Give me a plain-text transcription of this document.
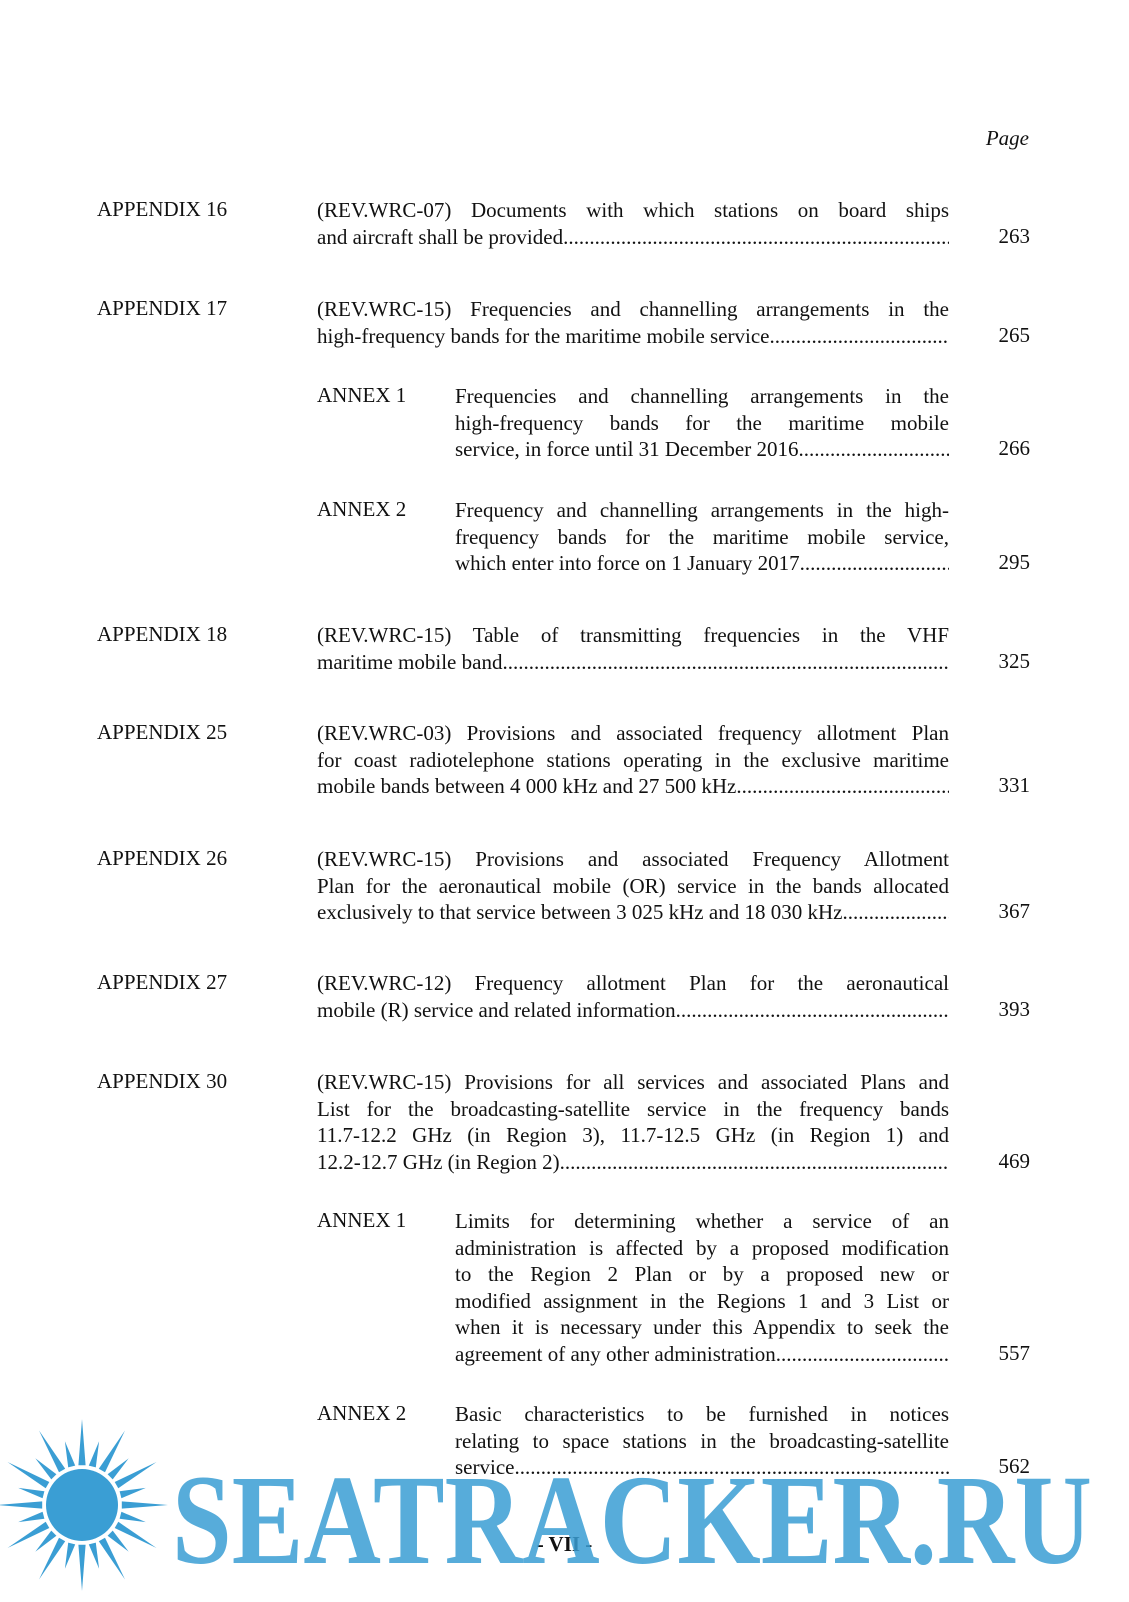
Page
APPENDIX 16	(REV.WRC-07) Documents with which stations on board ships
and aircraft shall be provided .....	263
APPENDIX 17	(REV.WRC-15) Frequencies and channelling arrangements in the
high-frequency bands for the maritime mobile service .....	265
ANNEX 1 Frequencies and channelling arrangements in the
high-frequency bands for the maritime mobile
service, in force until 31 December 2016 .....	266
ANNEX 2 Frequency and channelling arrangements in the high-
frequency bands for the maritime mobile service,
which enter into force on 1 January 2017 .....	295
APPENDIX 18	(REV.WRC-15) Table of transmitting frequencies in the VHF
maritime mobile band .....	325
APPENDIX 25	(REV.WRC-03) Provisions and associated frequency allotment Plan
for coast radiotelephone stations operating in the exclusive maritime
mobile bands between 4 000 kHz and 27 500 kHz .....	331
APPENDIX 26	(REV.WRC-15) Provisions and associated Frequency Allotment
Plan for the aeronautical mobile (OR) service in the bands allocated
exclusively to that service between 3 025 kHz and 18 030 kHz .....	367
APPENDIX 27	(REV.WRC-12) Frequency allotment Plan for the aeronautical
mobile (R) service and related information .....	393
APPENDIX 30	(REV.WRC-15) Provisions for all services and associated Plans and
List for the broadcasting-satellite service in the frequency bands
11.7-12.2 GHz (in Region 3), 11.7-12.5 GHz (in Region 1) and
12.2-12.7 GHz (in Region 2) .....	469
ANNEX 1 Limits for determining whether a service of an
administration is affected by a proposed modification
to the Region 2 Plan or by a proposed new or
modified assignment in the Regions 1 and 3 List or
when it is necessary under this Appendix to seek the
agreement of any other administration .....	557
ANNEX 2 Basic characteristics to be furnished in notices
relating to space stations in the broadcasting-satellite
service .....	562
- VII -
SEATRACKER.RU
